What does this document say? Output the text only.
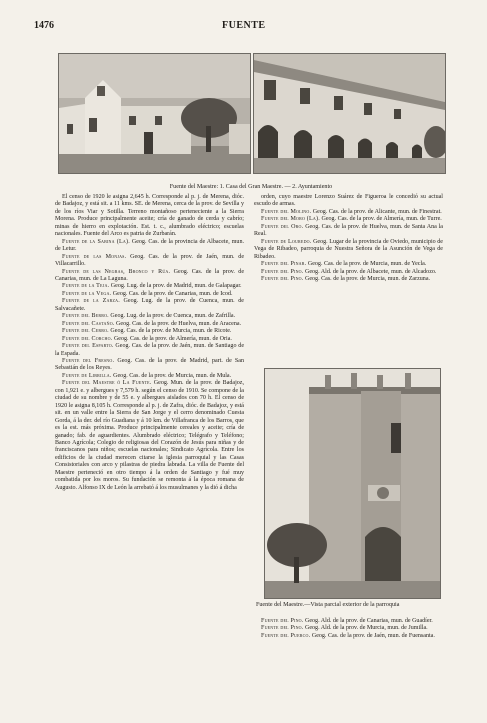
1476	FUENTE
Fuente del Maestre: 1. Casa del Gran Maestre. — 2. Ayuntamiento

El censo de 1920 le asigna 2,645 h. Corresponde al p. j. de Merena, dióc. de Badajoz, y está sit. a 11 kms. SE. de Merena, cerca de la prov. de Sevilla y de los ríos Viar y Sotilla. Terreno montañoso perteneciente a la Sierra Morena. Produce principalmente aceite; cría de ganado de cerda y cabrío; minas de hierro en explotación. Est. t. c., alumbrado eléctrico; escuelas nacionales. Fuente del Arco es patria de Zurbarán.

Fuente de la Sabina (La). Geog. Cas. de la provincia de Albacete, mun. de Letur.

Fuente de las Monjas. Geog. Cas. de la prov. de Jaén, mun. de Villacarrillo.

Fuente de las Negras, Bronco y Rúa. Geog. Cas. de la prov. de Canarias, mun. de La Laguna.

Fuente de la Teja. Geog. Lug. de la prov. de Madrid, mun. de Galapagar.

Fuente de la Vega. Geog. Cas. de la prov. de Canarias, mun. de Icod.

Fuente de la Zarza. Geog. Lug. de la prov. de Cuenca, mun. de Salvacañete.

Fuente del Berro. Geog. Lug. de la prov. de Cuenca, mun. de Zafrilla.

Fuente del Castaño. Geog. Cas. de la prov. de Huelva, mun. de Aracena.

Fuente del Cerro. Geog. Cas. de la prov. de Murcia, mun. de Ricote.

Fuente del Corcho. Geog. Cas. de la prov. de Almería, mun. de Oria.

Fuente del Esparto. Geog. Cas. de la prov. de Jaén, mun. de Santiago de la Espada.

Fuente del Fresno. Geog. Cas. de la prov. de Madrid, part. de San Sebastián de los Reyes.

Fuente de Librilla. Geog. Cas. de la prov. de Murcia, mun. de Mula.

Fuente del Maestre ó La Fuente. Geog. Mun. de la prov. de Badajoz, con 1,921 e. y albergues y 7,579 h. según el censo de 1910. Se compone de la ciudad de su nombre y de 55 e. y albergues aislados con 70 h. El censo de 1920 le asigna 8,105 h. Corresponde al p. j. de Zafra, dióc. de Badajoz, y está sit. en un valle entre la Sierra de San Jorge y el cerro denominado Cuesta Gorda, á la der. del río Guadiana y á 10 km. de Villafranca de los Barros, que es la est. más próxima. Produce principalmente cereales y aceite; cría de ganado; fab. de aguardientes. Alumbrado eléctrico; Telégrafo y Teléfono; Banco Agrícola; Colegio de religiosas del Corazón de Jesús para niñas y de franciscanos para niños; escuelas nacionales; Sindicato Agrícola. Entre los edificios de la ciudad merecen citarse la iglesia parroquial y las Casas Consistoriales con arco y pilastras de piedra labrada. La villa de Fuente del Maestre perteneció en otro tiempo á la orden de Santiago y fué muy combatida por los moros. Su fundación se remonta á la época romana de Augusto. Alfonso IX de León la arrebató á los musulmanes y la dió á dicha

orden, cuyo maestre Lorenzo Suárez de Figueroa le concedió su actual escudo de armas.

Fuente del Molino. Geog. Cas. de la prov. de Alicante, mun. de Finestrat.

Fuente del Moro (La). Geog. Cas. de la prov. de Almería, mun. de Turre.

Fuente del Oro. Geog. Cas. de la prov. de Huelva, mun. de Santa Ana la Real.

Fuente de Louredo. Geog. Lugar de la provincia de Oviedo, municipio de Vega de Ribadeo, parroquia de Nuestra Señora de la Asunción de Vega de Ribadeo.

Fuente del Pinar. Geog. Cas. de la prov. de Murcia, mun. de Yecla.

Fuente del Pino. Geog. Ald. de la prov. de Albacete, mun. de Alcadozo.

Fuente del Pino. Geog. Cas. de la prov. de Murcia, mun. de Zarzuna.

Fuente del Maestre.—Vista parcial exterior de la parroquia

Fuente del Pino. Geog. Ald. de la prov. de Canarias, mun. de Guadíer.

Fuente del Pino. Geog. Ald. de la prov. de Murcia, mun. de Jumilla.

Fuente del Puerco. Geog. Cas. de la prov. de Jaén, mun. de Fuensanta.
